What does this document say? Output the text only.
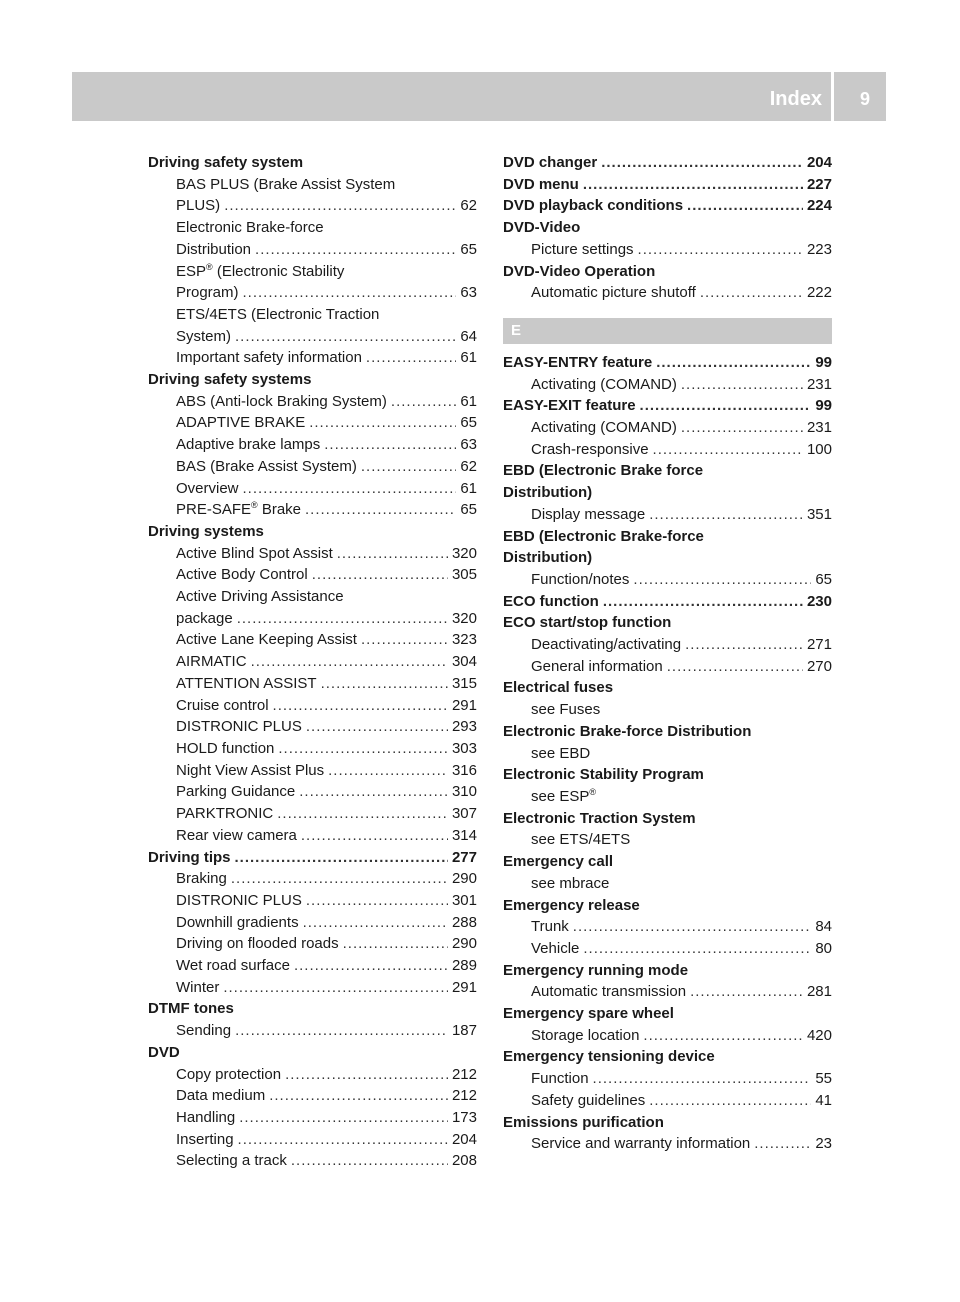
Index 9
Driving safety system
BAS PLUS (Brake Assist System
PLUS) .....	62
Electronic Brake-force
Distribution .....	65
ESP® (Electronic Stability
Program) .....	63
ETS/4ETS (Electronic Traction
System) .....	64
Important safety information .....	61
Driving safety systems
ABS (Anti-lock Braking System) .....	61
ADAPTIVE BRAKE .....	65
Adaptive brake lamps .....	63
BAS (Brake Assist System) .....	62
Overview .....	61
PRE-SAFE® Brake .....	65
Driving systems
Active Blind Spot Assist .....	320
Active Body Control .....	305
Active Driving Assistance
package .....	320
Active Lane Keeping Assist .....	323
AIRMATIC .....	304
ATTENTION ASSIST .....	315
Cruise control .....	291
DISTRONIC PLUS .....	293
HOLD function .....	303
Night View Assist Plus .....	316
Parking Guidance .....	310
PARKTRONIC .....	307
Rear view camera .....	314
Driving tips .....	277
Braking .....	290
DISTRONIC PLUS .....	301
Downhill gradients .....	288
Driving on flooded roads .....	290
Wet road surface .....	289
Winter .....	291
DTMF tones
Sending .....	187
DVD
Copy protection .....	212
Data medium .....	212
Handling .....	173
Inserting .....	204
Selecting a track .....	208
DVD changer .....	204
DVD menu .....	227
DVD playback conditions .....	224
DVD-Video
Picture settings .....	223
DVD-Video Operation
Automatic picture shutoff .....	222
E
EASY-ENTRY feature .....	99
Activating (COMAND) .....	231
EASY-EXIT feature .....	99
Activating (COMAND) .....	231
Crash-responsive .....	100
EBD (Electronic Brake force
Distribution)
Display message .....	351
EBD (Electronic Brake-force
Distribution)
Function/notes .....	65
ECO function .....	230
ECO start/stop function
Deactivating/activating .....	271
General information .....	270
Electrical fuses
see Fuses
Electronic Brake-force Distribution
see EBD
Electronic Stability Program
see ESP®
Electronic Traction System
see ETS/4ETS
Emergency call
see mbrace
Emergency release
Trunk .....	84
Vehicle .....	80
Emergency running mode
Automatic transmission .....	281
Emergency spare wheel
Storage location .....	420
Emergency tensioning device
Function .....	55
Safety guidelines .....	41
Emissions purification
Service and warranty information .....	23
